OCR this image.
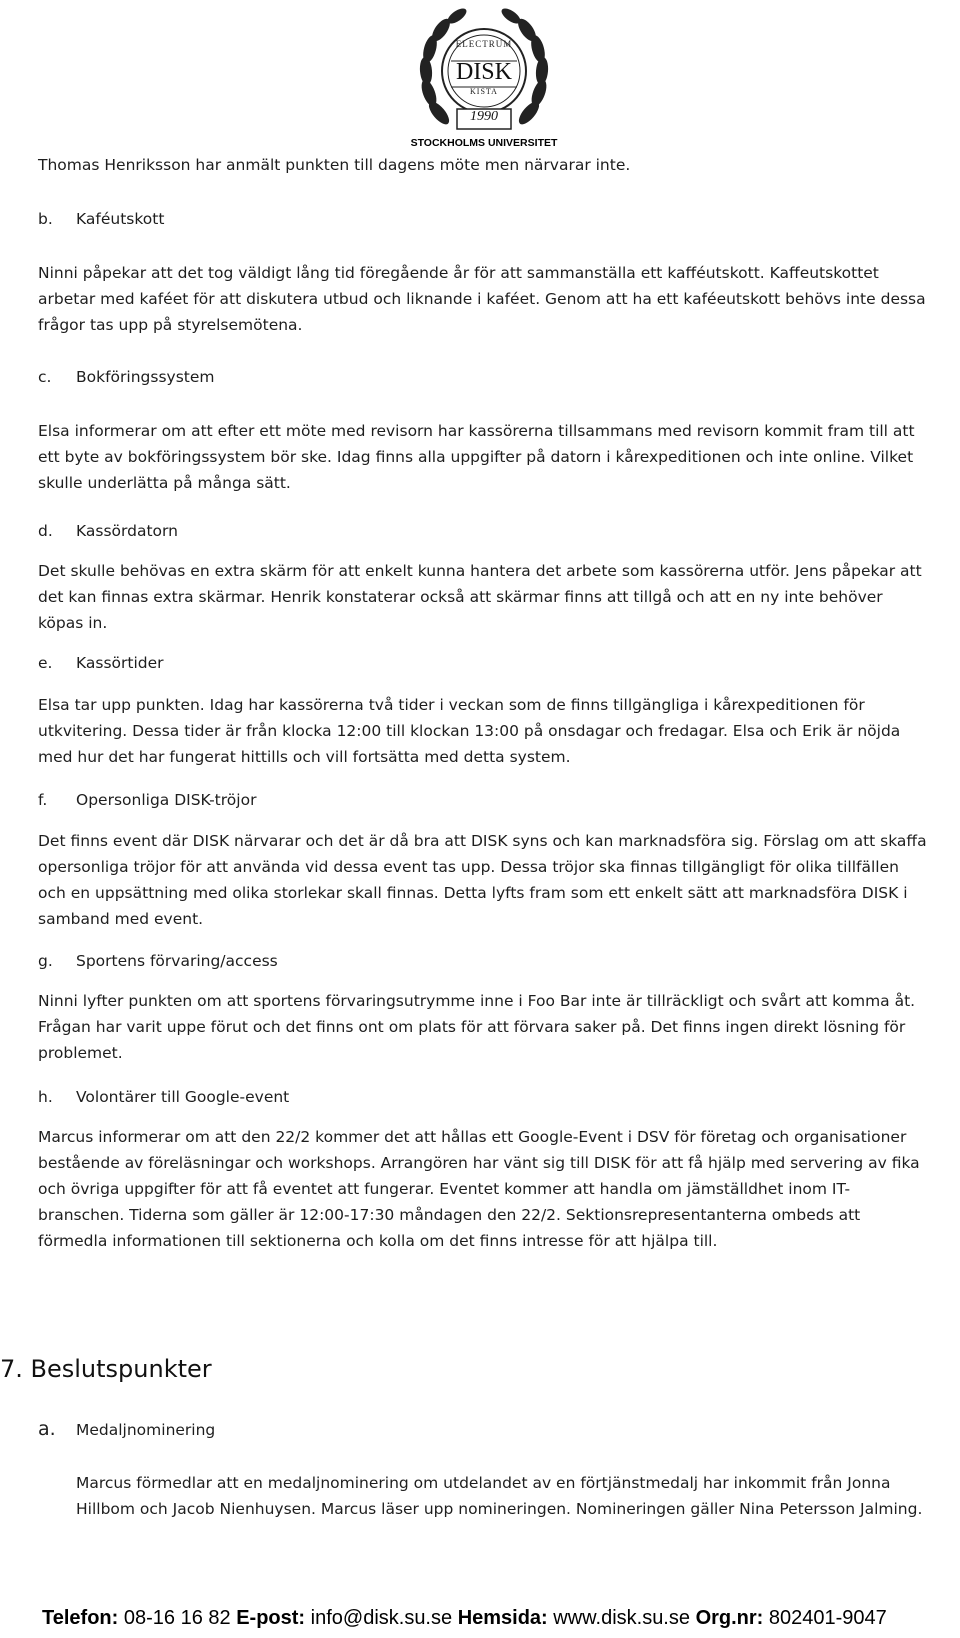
ELECTRUM
DISK
KISTA
1990
STOCKHOLMS UNIVERSITET

Thomas Henriksson har anmält punkten till dagens möte men närvarar inte.

b. Kaféutskott

Ninni påpekar att det tog väldigt lång tid föregående år för att sammanställa ett kafféutskott. Kaffeutskottet arbetar med kaféet för att diskutera utbud och liknande i kaféet. Genom att ha ett kaféeutskott behövs inte dessa frågor tas upp på styrelsemötena.

c. Bokföringssystem

Elsa informerar om att efter ett möte med revisorn har kassörerna tillsammans med revisorn kommit fram till att ett byte av bokföringssystem bör ske. Idag finns alla uppgifter på datorn i kårexpeditionen och inte online. Vilket skulle underlätta på många sätt.

d. Kassördatorn

Det skulle behövas en extra skärm för att enkelt kunna hantera det arbete som kassörerna utför. Jens påpekar att det kan finnas extra skärmar. Henrik konstaterar också att skärmar finns att tillgå och att en ny inte behöver köpas in.

e. Kassörtider

Elsa tar upp punkten. Idag har kassörerna två tider i veckan som de finns tillgängliga i kårexpeditionen för utkvitering. Dessa tider är från klocka 12:00 till klockan 13:00 på onsdagar och fredagar. Elsa och Erik är nöjda med hur det har fungerat hittills och vill fortsätta med detta system.

f. Opersonliga DISK-tröjor

Det finns event där DISK närvarar och det är då bra att DISK syns och kan marknadsföra sig. Förslag om att skaffa opersonliga tröjor för att använda vid dessa event tas upp. Dessa tröjor ska finnas tillgängligt för olika tillfällen och en uppsättning med olika storlekar skall finnas. Detta lyfts fram som ett enkelt sätt att marknadsföra DISK i samband med event.

g. Sportens förvaring/access

Ninni lyfter punkten om att sportens förvaringsutrymme inne i Foo Bar inte är tillräckligt och svårt att komma åt. Frågan har varit uppe förut och det finns ont om plats för att förvara saker på. Det finns ingen direkt lösning för problemet.

h. Volontärer till Google-event

Marcus informerar om att den 22/2 kommer det att hållas ett Google-Event i DSV för företag och organisationer bestående av föreläsningar och workshops. Arrangören har vänt sig till DISK för att få hjälp med servering av fika och övriga uppgifter för att få eventet att fungerar. Eventet kommer att handla om jämställdhet inom IT-branschen. Tiderna som gäller är 12:00-17:30 måndagen den 22/2. Sektionsrepresentanterna ombeds att förmedla informationen till sektionerna och kolla om det finns intresse för att hjälpa till.

7. Beslutspunkter
a. Medaljnominering

Marcus förmedlar att en medaljnominering om utdelandet av en förtjänstmedalj har inkommit från Jonna Hillbom och Jacob Nienhuysen. Marcus läser upp nomineringen. Nomineringen gäller Nina Petersson Jalming.

Telefon: 08-16 16 82 E-post: info@disk.su.se Hemsida: www.disk.su.se Org.nr: 802401-9047
